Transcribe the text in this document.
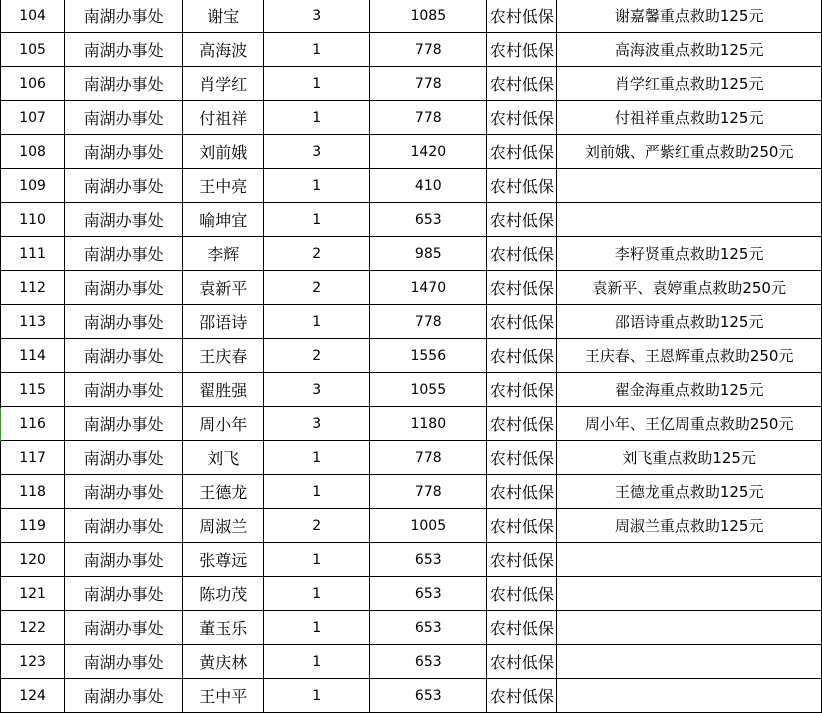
104	南湖办事处	谢宝	3	1085	农村低保	谢嘉馨重点救助125元
105	南湖办事处	高海波	1	778	农村低保	高海波重点救助125元
106	南湖办事处	肖学红	1	778	农村低保	肖学红重点救助125元
107	南湖办事处	付祖祥	1	778	农村低保	付祖祥重点救助125元
108	南湖办事处	刘前娥	3	1420	农村低保	刘前娥、严紫红重点救助250元
109	南湖办事处	王中亮	1	410	农村低保	
110	南湖办事处	喻坤宜	1	653	农村低保	
111	南湖办事处	李辉	2	985	农村低保	李籽贤重点救助125元
112	南湖办事处	袁新平	2	1470	农村低保	袁新平、袁婷重点救助250元
113	南湖办事处	邵语诗	1	778	农村低保	邵语诗重点救助125元
114	南湖办事处	王庆春	2	1556	农村低保	王庆春、王恩辉重点救助250元
115	南湖办事处	翟胜强	3	1055	农村低保	翟金海重点救助125元
116	南湖办事处	周小年	3	1180	农村低保	周小年、王亿周重点救助250元
117	南湖办事处	刘飞	1	778	农村低保	刘飞重点救助125元
118	南湖办事处	王德龙	1	778	农村低保	王德龙重点救助125元
119	南湖办事处	周淑兰	2	1005	农村低保	周淑兰重点救助125元
120	南湖办事处	张尊远	1	653	农村低保	
121	南湖办事处	陈功茂	1	653	农村低保	
122	南湖办事处	董玉乐	1	653	农村低保	
123	南湖办事处	黄庆林	1	653	农村低保	
124	南湖办事处	王中平	1	653	农村低保	
